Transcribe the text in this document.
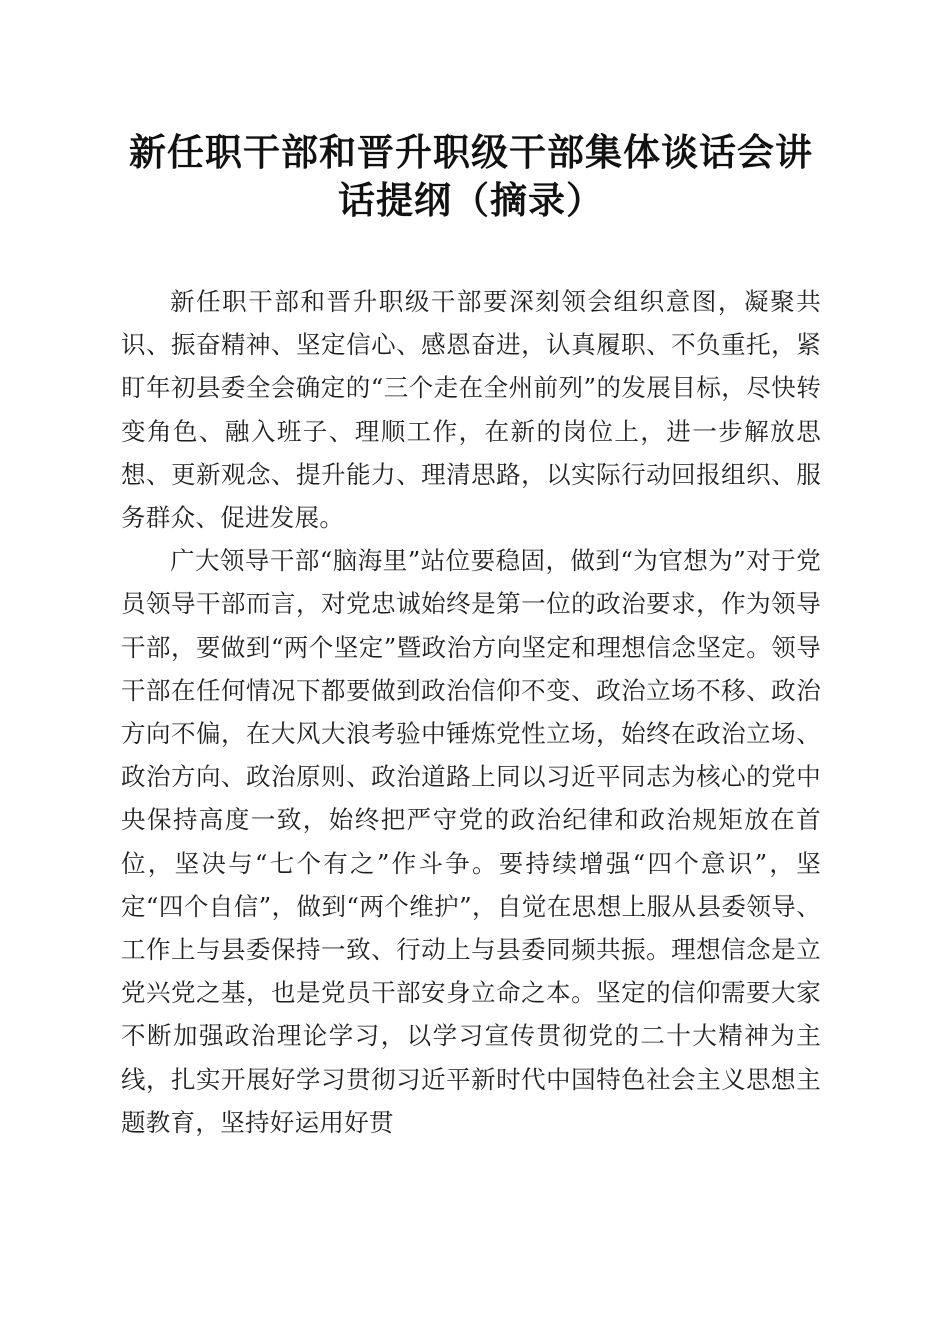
新任职干部和晋升职级干部集体谈话会讲话提纲（摘录）

新任职干部和晋升职级干部要深刻领会组织意图，凝聚共识、振奋精神、坚定信心、感恩奋进，认真履职、不负重托，紧盯年初县委全会确定的“三个走在全州前列”的发展目标，尽快转变角色、融入班子、理顺工作，在新的岗位上，进一步解放思想、更新观念、提升能力、理清思路，以实际行动回报组织、服务群众、促进发展。

广大领导干部“脑海里”站位要稳固，做到“为官想为”对于党员领导干部而言，对党忠诚始终是第一位的政治要求，作为领导干部，要做到“两个坚定”暨政治方向坚定和理想信念坚定。领导干部在任何情况下都要做到政治信仰不变、政治立场不移、政治方向不偏，在大风大浪考验中锤炼党性立场，始终在政治立场、政治方向、政治原则、政治道路上同以习近平同志为核心的党中央保持高度一致，始终把严守党的政治纪律和政治规矩放在首位，坚决与“七个有之”作斗争。要持续增强“四个意识”，坚定“四个自信”，做到“两个维护”，自觉在思想上服从县委领导、工作上与县委保持一致、行动上与县委同频共振。理想信念是立党兴党之基，也是党员干部安身立命之本。坚定的信仰需要大家不断加强政治理论学习，以学习宣传贯彻党的二十大精神为主线，扎实开展好学习贯彻习近平新时代中国特色社会主义思想主题教育，坚持好运用好贯
